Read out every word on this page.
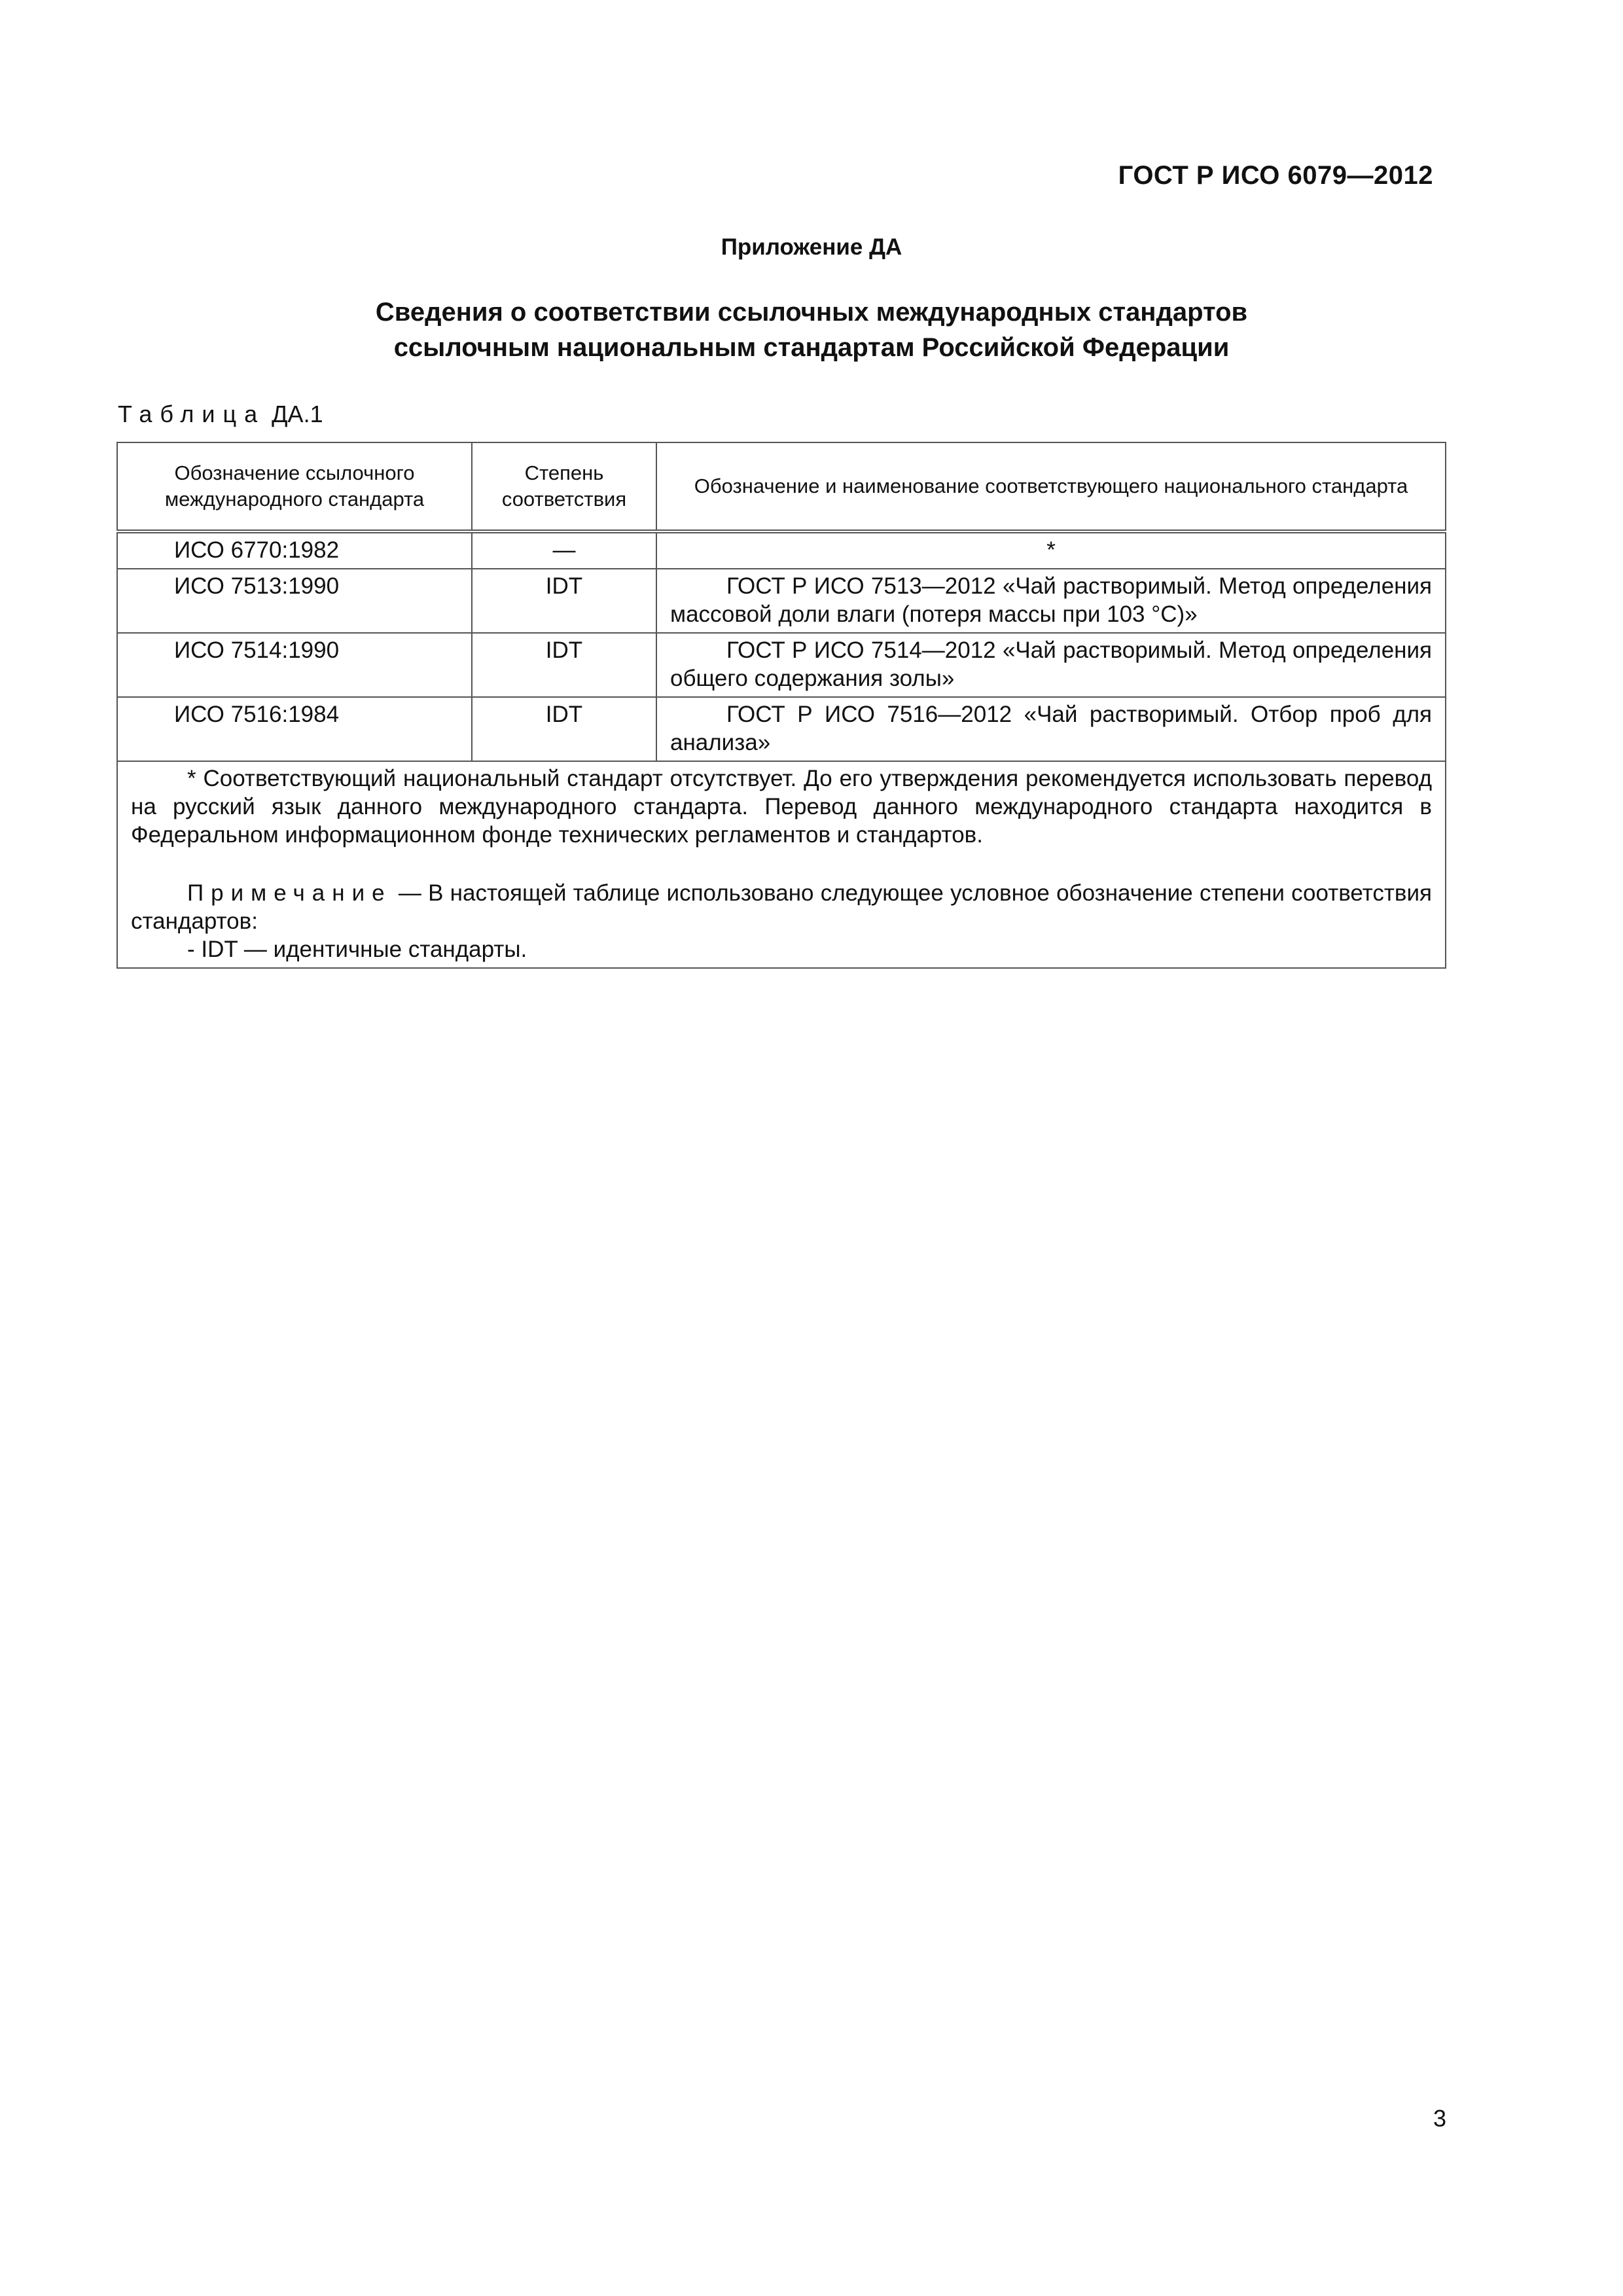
ГОСТ Р ИСО 6079—2012
Приложение ДА
Сведения о соответствии ссылочных международных стандартов
ссылочным национальным стандартам Российской Федерации
Таблица ДА.1
Обозначение ссылочного международного стандарта	Степень соответствия	Обозначение и наименование соответствующего национального стандарта
ИСО 6770:1982	—	*
ИСО 7513:1990	IDT	ГОСТ Р ИСО 7513—2012 «Чай растворимый. Метод определения массовой доли влаги (потеря массы при 103 °С)»
ИСО 7514:1990	IDT	ГОСТ Р ИСО 7514—2012 «Чай растворимый. Метод определения общего содержания золы»
ИСО 7516:1984	IDT	ГОСТ Р ИСО 7516—2012 «Чай растворимый. Отбор проб для анализа»

* Соответствующий национальный стандарт отсутствует. До его утверждения рекомендуется использовать перевод на русский язык данного международного стандарта. Перевод данного международного стандарта находится в Федеральном информационном фонде технических регламентов и стандартов.
Примечание — В настоящей таблице использовано следующее условное обозначение степени соответствия стандартов:
- IDT — идентичные стандарты.		
3
